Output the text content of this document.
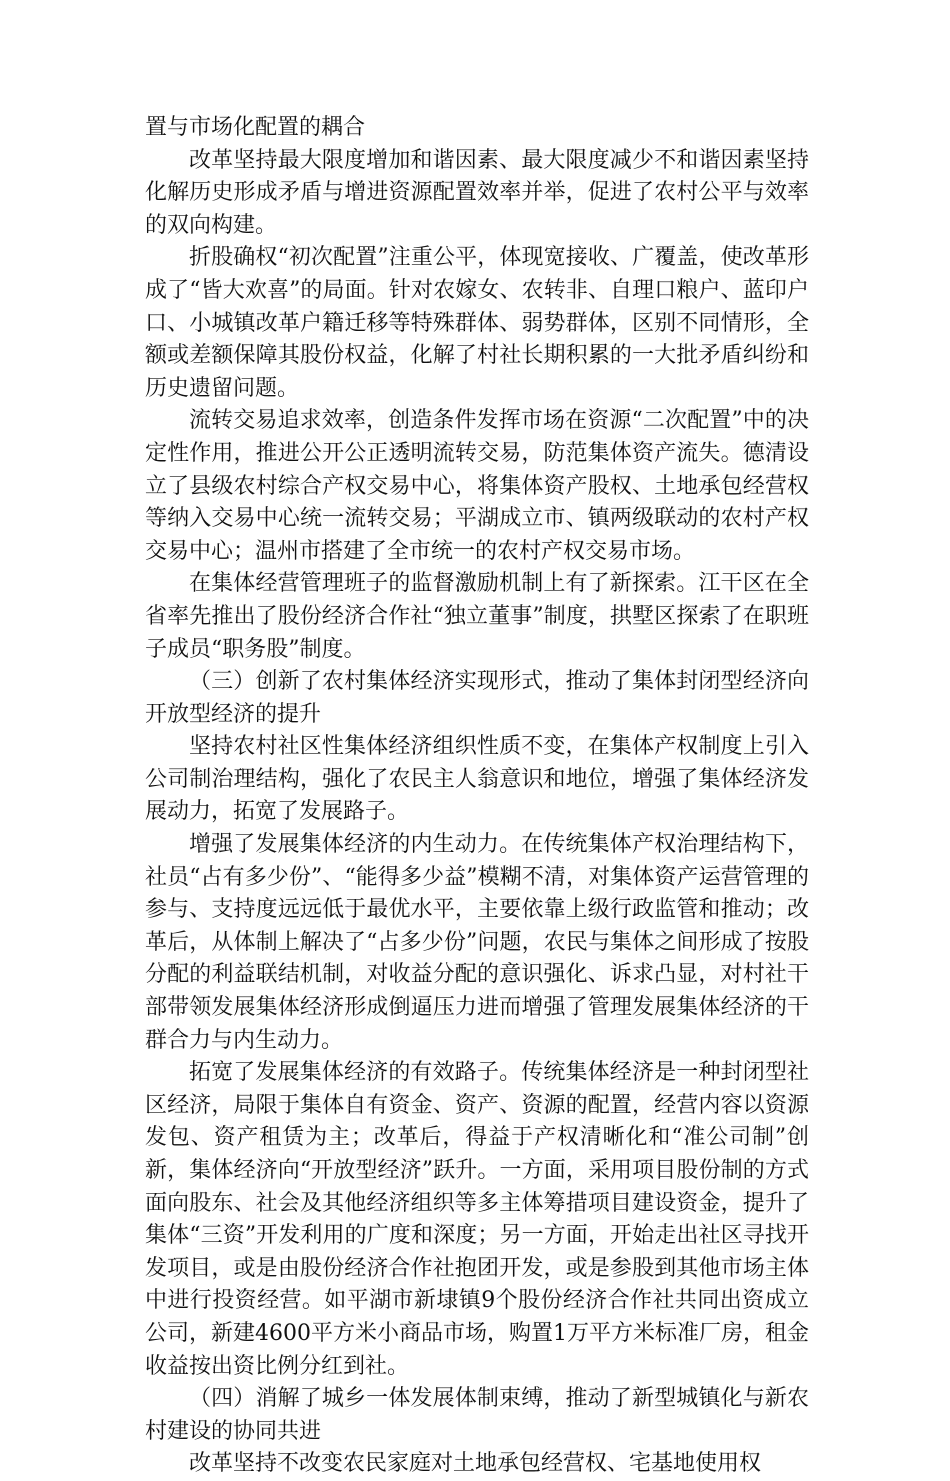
置与市场化配置的耦合

改革坚持最大限度增加和谐因素、最大限度减少不和谐因素坚持化解历史形成矛盾与增进资源配置效率并举，促进了农村公平与效率的双向构建。

折股确权“初次配置”注重公平，体现宽接收、广覆盖，使改革形成了“皆大欢喜”的局面。针对农嫁女、农转非、自理口粮户、蓝印户口、小城镇改革户籍迁移等特殊群体、弱势群体，区别不同情形，全额或差额保障其股份权益，化解了村社长期积累的一大批矛盾纠纷和历史遗留问题。

流转交易追求效率，创造条件发挥市场在资源“二次配置”中的决定性作用，推进公开公正透明流转交易，防范集体资产流失。德清设立了县级农村综合产权交易中心，将集体资产股权、土地承包经营权等纳入交易中心统一流转交易；平湖成立市、镇两级联动的农村产权交易中心；温州市搭建了全市统一的农村产权交易市场。

在集体经营管理班子的监督激励机制上有了新探索。江干区在全省率先推出了股份经济合作社“独立董事”制度，拱墅区探索了在职班子成员“职务股”制度。

（三）创新了农村集体经济实现形式，推动了集体封闭型经济向开放型经济的提升

坚持农村社区性集体经济组织性质不变，在集体产权制度上引入公司制治理结构，强化了农民主人翁意识和地位，增强了集体经济发展动力，拓宽了发展路子。

增强了发展集体经济的内生动力。在传统集体产权治理结构下，社员“占有多少份”、“能得多少益”模糊不清，对集体资产运营管理的参与、支持度远远低于最优水平，主要依靠上级行政监管和推动；改革后，从体制上解决了“占多少份”问题，农民与集体之间形成了按股分配的利益联结机制，对收益分配的意识强化、诉求凸显，对村社干部带领发展集体经济形成倒逼压力进而增强了管理发展集体经济的干群合力与内生动力。

拓宽了发展集体经济的有效路子。传统集体经济是一种封闭型社区经济，局限于集体自有资金、资产、资源的配置，经营内容以资源发包、资产租赁为主；改革后，得益于产权清晰化和“准公司制”创新，集体经济向“开放型经济”跃升。一方面，采用项目股份制的方式面向股东、社会及其他经济组织等多主体筹措项目建设资金，提升了集体“三资”开发利用的广度和深度；另一方面，开始走出社区寻找开发项目，或是由股份经济合作社抱团开发，或是参股到其他市场主体中进行投资经营。如平湖市新埭镇9个股份经济合作社共同出资成立公司，新建4600平方米小商品市场，购置1万平方米标准厂房，租金收益按出资比例分红到社。

（四）消解了城乡一体发展体制束缚，推动了新型城镇化与新农村建设的协同共进

改革坚持不改变农民家庭对土地承包经营权、宅基地使用权
